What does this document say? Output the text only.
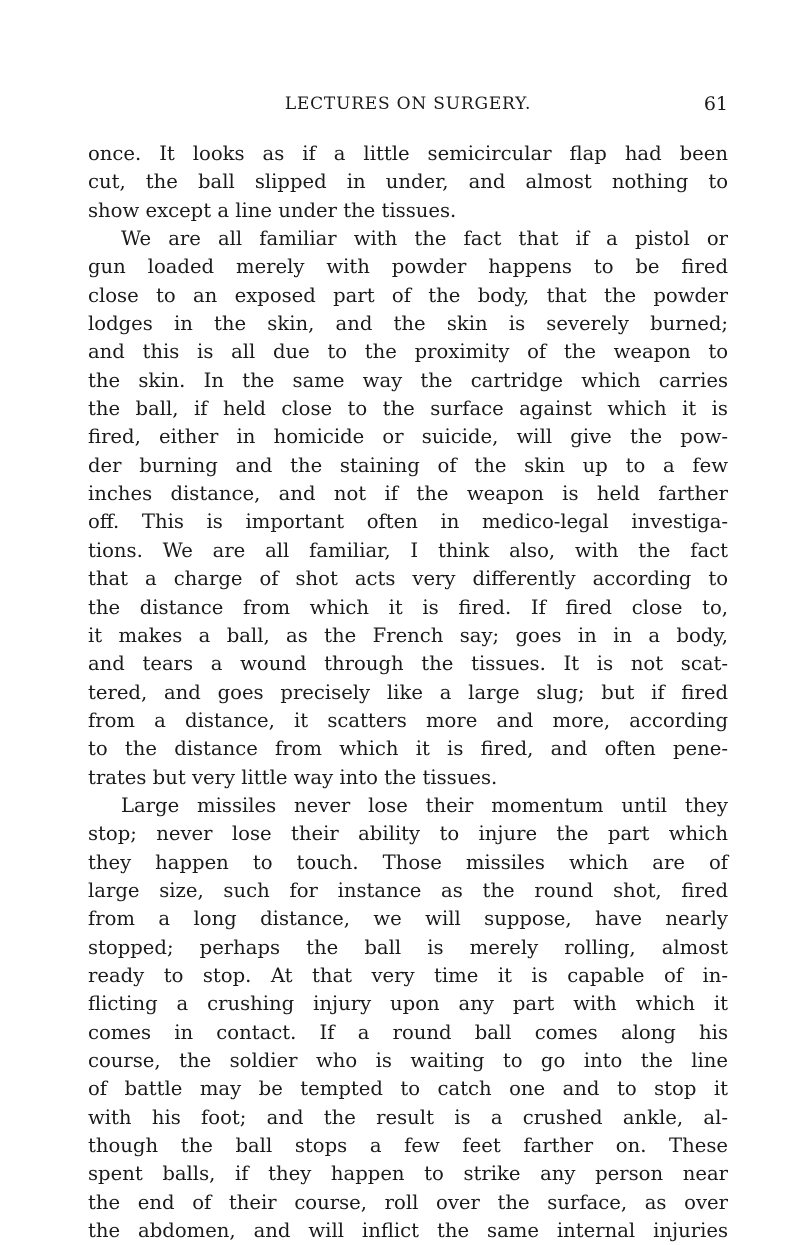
LECTURES ON SURGERY.	61
once. It looks as if a little semicircular flap had been
cut, the ball slipped in under, and almost nothing to
show except a line under the tissues.
We are all familiar with the fact that if a pistol or
gun loaded merely with powder happens to be fired
close to an exposed part of the body, that the powder
lodges in the skin, and the skin is severely burned;
and this is all due to the proximity of the weapon to
the skin. In the same way the cartridge which carries
the ball, if held close to the surface against which it is
fired, either in homicide or suicide, will give the pow-
der burning and the staining of the skin up to a few
inches distance, and not if the weapon is held farther
off. This is important often in medico-legal investiga-
tions. We are all familiar, I think also, with the fact
that a charge of shot acts very differently according to
the distance from which it is fired. If fired close to,
it makes a ball, as the French say; goes in in a body,
and tears a wound through the tissues. It is not scat-
tered, and goes precisely like a large slug; but if fired
from a distance, it scatters more and more, according
to the distance from which it is fired, and often pene-
trates but very little way into the tissues.
Large missiles never lose their momentum until they
stop; never lose their ability to injure the part which
they happen to touch. Those missiles which are of
large size, such for instance as the round shot, fired
from a long distance, we will suppose, have nearly
stopped; perhaps the ball is merely rolling, almost
ready to stop. At that very time it is capable of in-
flicting a crushing injury upon any part with which it
comes in contact. If a round ball comes along his
course, the soldier who is waiting to go into the line
of battle may be tempted to catch one and to stop it
with his foot; and the result is a crushed ankle, al-
though the ball stops a few feet farther on. These
spent balls, if they happen to strike any person near
the end of their course, roll over the surface, as over
the abdomen, and will inflict the same internal injuries
